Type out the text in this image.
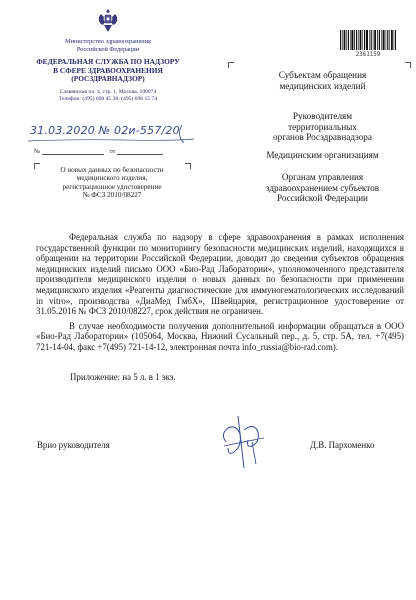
Министерство здравоохранения
Российской Федерации
ФЕДЕРАЛЬНАЯ СЛУЖБА ПО НАДЗОРУ
В СФЕРЕ ЗДРАВООХРАНЕНИЯ
(РОСЗДРАВНАДЗОР)
Славянская пл. 4, стр. 1, Москва, 100074
Телефон: (495) 698 45 38; (495) 698 15 74
31.03.2020 № 02и-557/20
№	от
О новых данных по безопасности
медицинского изделия,
регистрационное удостоверение
№ ФСЗ 2010/08227
2361159
Субъектам обращения
медицинских изделий
Руководителям
территориальных
органов Росздравнадзора
Медицинским организациям
Органам управления
здравоохранением субъектов
Российской Федерации

Федеральная служба по надзору в сфере здравоохранения в рамках исполнения государственной функции по мониторингу безопасности медицинских изделий, находящихся в обращении на территории Российской Федерации, доводит до сведения субъектов обращения медицинских изделий письмо ООО «Био-Рад Лаборатории», уполномоченного представителя производителя медицинского изделия о новых данных по безопасности при применении медицинского изделия «Реагенты диагностические для иммуногематологических исследований in vitro», производства «ДиаМед ГмбХ», Швейцария, регистрационное удостоверение от 31.05.2016 № ФСЗ 2010/08227, срок действия не ограничен.

В случае необходимости получения дополнительной информации обращаться в ООО «Био-Рад Лаборатории» (105064, Москва, Нижний Сусальный пер., д. 5, стр. 5А, тел. +7(495) 721-14-04, факс +7(495) 721-14-12, электронная почта info_russia@bio-rad.com).

Приложение: на 5 л. в 1 экз.
Врио руководителя	Д.В. Пархоменко
